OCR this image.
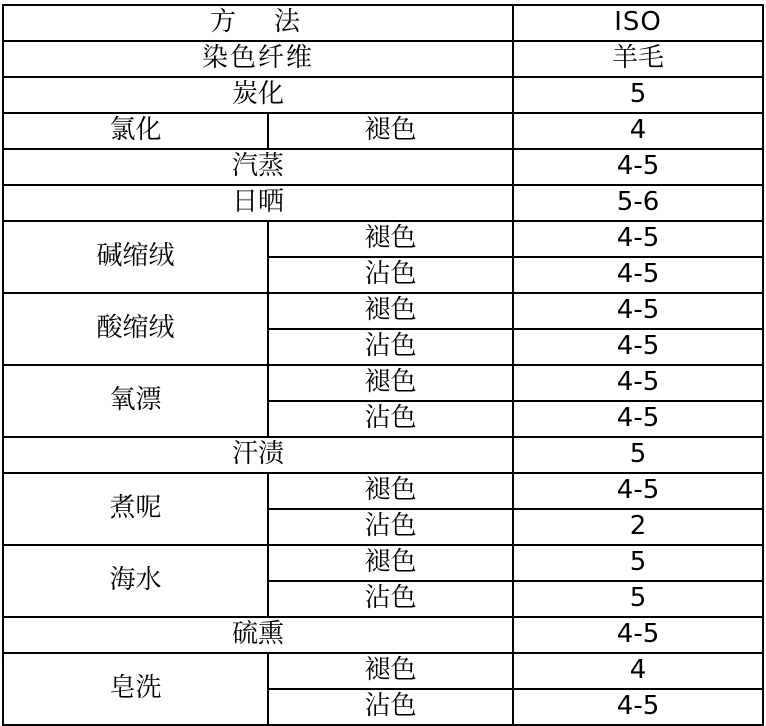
方　法		ISO
染色纤维		羊毛
炭化		5
氯化	褪色	4
汽蒸		4-5
日晒		5-6
碱缩绒	褪色	4-5
	沾色	4-5
酸缩绒	褪色	4-5
	沾色	4-5
氧漂	褪色	4-5
	沾色	4-5
汗渍		5
煮呢	褪色	4-5
	沾色	2
海水	褪色	5
	沾色	5
硫熏		4-5
皂洗	褪色	4
	沾色	4-5
